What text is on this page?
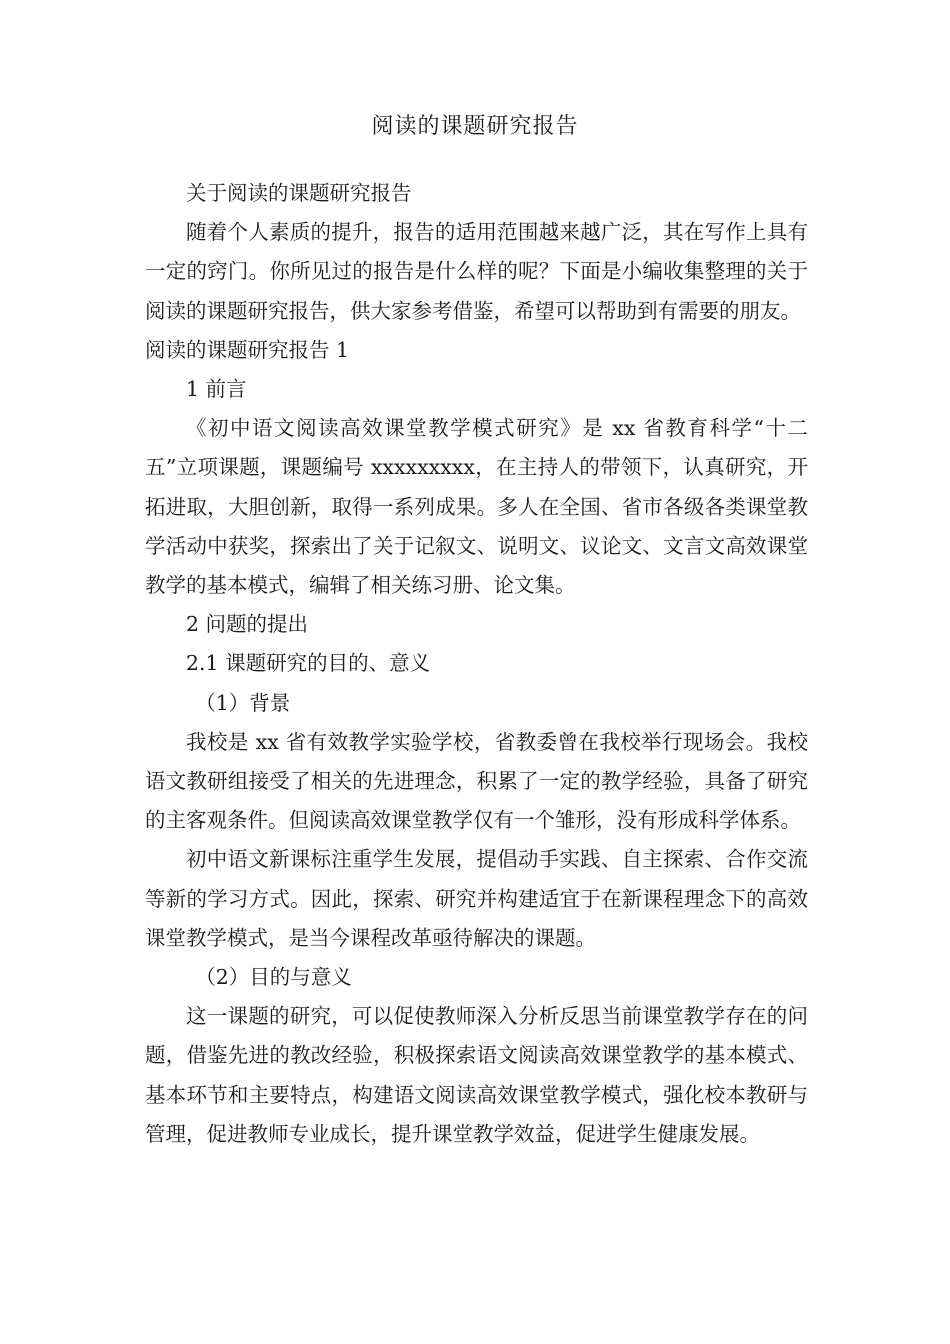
阅读的课题研究报告

关于阅读的课题研究报告

随着个人素质的提升，报告的适用范围越来越广泛，其在写作上具有一定的窍门。你所见过的报告是什么样的呢？下面是小编收集整理的关于阅读的课题研究报告，供大家参考借鉴，希望可以帮助到有需要的朋友。

阅读的课题研究报告 1

1 前言

《初中语文阅读高效课堂教学模式研究》是 xx 省教育科学“十二五”立项课题，课题编号 xxxxxxxxx，在主持人的带领下，认真研究，开拓进取，大胆创新，取得一系列成果。多人在全国、省市各级各类课堂教学活动中获奖，探索出了关于记叙文、说明文、议论文、文言文高效课堂教学的基本模式，编辑了相关练习册、论文集。

2 问题的提出

2.1 课题研究的目的、意义

（1）背景

我校是 xx 省有效教学实验学校，省教委曾在我校举行现场会。我校语文教研组接受了相关的先进理念，积累了一定的教学经验，具备了研究的主客观条件。但阅读高效课堂教学仅有一个雏形，没有形成科学体系。

初中语文新课标注重学生发展，提倡动手实践、自主探索、合作交流等新的学习方式。因此，探索、研究并构建适宜于在新课程理念下的高效课堂教学模式，是当今课程改革亟待解决的课题。

（2）目的与意义

这一课题的研究，可以促使教师深入分析反思当前课堂教学存在的问题，借鉴先进的教改经验，积极探索语文阅读高效课堂教学的基本模式、基本环节和主要特点，构建语文阅读高效课堂教学模式，强化校本教研与管理，促进教师专业成长，提升课堂教学效益，促进学生健康发展。
